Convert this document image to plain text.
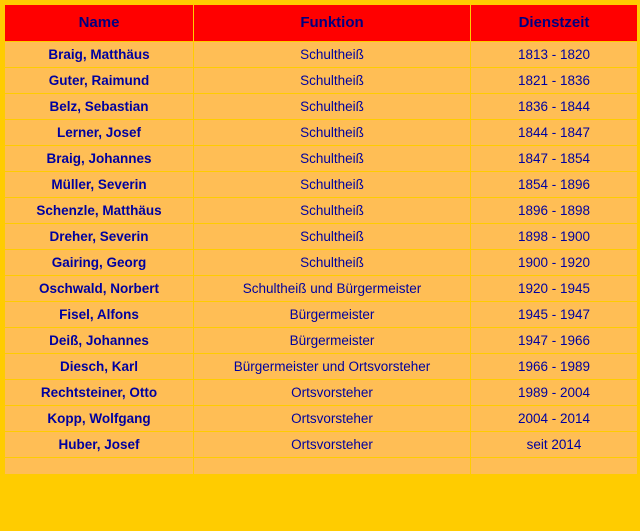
Name	Funktion	Dienstzeit
Braig, Matthäus	Schultheiß	1813 - 1820
Guter, Raimund	Schultheiß	1821 - 1836
Belz, Sebastian	Schultheiß	1836 - 1844
Lerner, Josef	Schultheiß	1844 - 1847
Braig, Johannes	Schultheiß	1847 - 1854
Müller, Severin	Schultheiß	1854 - 1896
Schenzle, Matthäus	Schultheiß	1896 - 1898
Dreher, Severin	Schultheiß	1898 - 1900
Gairing, Georg	Schultheiß	1900 - 1920
Oschwald, Norbert	Schultheiß und Bürgermeister	1920 - 1945
Fisel, Alfons	Bürgermeister	1945 - 1947
Deiß, Johannes	Bürgermeister	1947 - 1966
Diesch, Karl	Bürgermeister und Ortsvorsteher	1966 - 1989
Rechtsteiner, Otto	Ortsvorsteher	1989 - 2004
Kopp, Wolfgang	Ortsvorsteher	2004 - 2014
Huber, Josef	Ortsvorsteher	seit 2014
